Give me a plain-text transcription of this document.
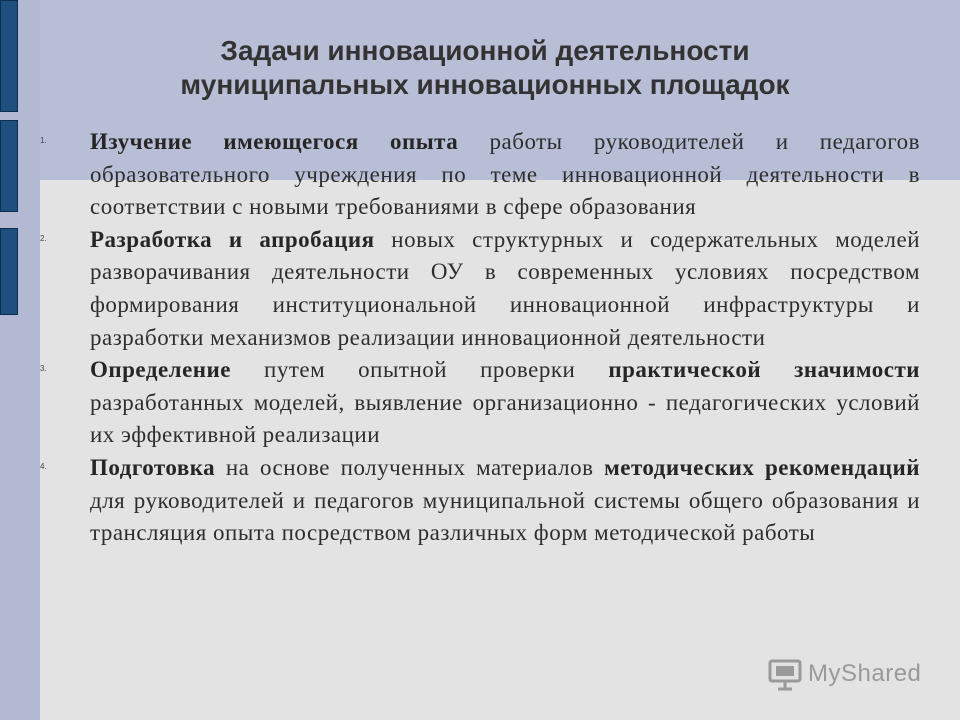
Задачи инновационной деятельности
муниципальных инновационных площадок
1. Изучение имеющегося опыта работы руководителей и педагогов образовательного учреждения по теме инновационной деятельности в соответствии с новыми требованиями в сфере образования
2. Разработка и апробация новых структурных и содержательных моделей разворачивания деятельности ОУ в современных условиях посредством формирования институциональной инновационной инфраструктуры и разработки механизмов реализации инновационной деятельности
3. Определение путем опытной проверки практической значимости разработанных моделей, выявление организационно - педагогических условий их эффективной реализации
4. Подготовка на основе полученных материалов методических рекомендаций для руководителей и педагогов муниципальной системы общего образования и трансляция опыта посредством различных форм методической работы
MyShared
